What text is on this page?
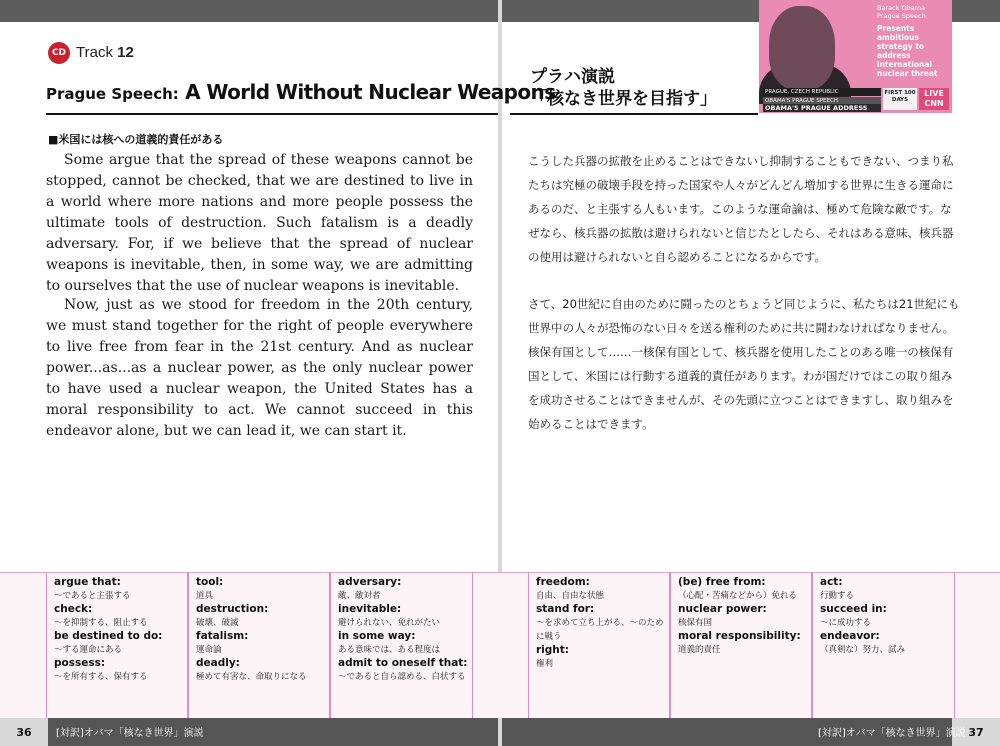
CD Track 12
Prague Speech: A World Without Nuclear Weapons
■米国には核への道義的責任がある

Some argue that the spread of these weapons cannot be stopped, cannot be checked, that we are destined to live in a world where more nations and more people possess the ultimate tools of destruction. Such fatalism is a deadly adversary. For, if we believe that the spread of nuclear weapons is inevitable, then, in some way, we are admitting to ourselves that the use of nuclear weapons is inevitable.

Now, just as we stood for freedom in the 20th century, we must stand together for the right of people everywhere to live free from fear in the 21st century. And as nuclear power...as...as a nuclear power, as the only nuclear power to have used a nuclear weapon, the United States has a moral responsibility to act. We cannot succeed in this endeavor alone, but we can lead it, we can start it.

プラハ演説
「核なき世界を目指す」
Barack Obama
Prague Speech
Presents ambitious strategy to address international nuclear threat
PRAGUE, CZECH REPUBLIC
OBAMA'S PRAGUE SPEECH
OBAMA'S PRAGUE ADDRESS
FIRST 100 DAYS
LIVE CNN

こうした兵器の拡散を止めることはできないし抑制することもできない、つまり私たちは究極の破壊手段を持った国家や人々がどんどん増加する世界に生きる運命にあるのだ、と主張する人もいます。このような運命論は、極めて危険な敵です。なぜなら、核兵器の拡散は避けられないと信じたとしたら、それはある意味、核兵器の使用は避けられないと自ら認めることになるからです。

さて、20世紀に自由のために闘ったのとちょうど同じように、私たちは21世紀にも世界中の人々が恐怖のない日々を送る権利のために共に闘わなければなりません。核保有国として……一核保有国として、核兵器を使用したことのある唯一の核保有国として、米国には行動する道義的責任があります。わが国だけではこの取り組みを成功させることはできませんが、その先頭に立つことはできますし、取り組みを始めることはできます。

argue that:
〜であると主張する
check:
〜を抑制する、阻止する
be destined to do:
〜する運命にある
possess:
〜を所有する、保有する
tool:
道具
destruction:
破壊、破滅
fatalism:
運命論
deadly:
極めて有害な、命取りになる
adversary:
敵、敵対者
inevitable:
避けられない、免れがたい
in some way:
ある意味では、ある程度は
admit to oneself that:
〜であると自ら認める、白状する
freedom:
自由、自由な状態
stand for:
〜を求めて立ち上がる、〜のために戦う
right:
権利
(be) free from:
（心配・苦痛などから）免れる
nuclear power:
核保有国
moral responsibility:
道義的責任
act:
行動する
succeed in:
〜に成功する
endeavor:
（真剣な）努力、試み
36	37
[対訳]オバマ「核なき世界」演説	[対訳]オバマ「核なき世界」演説
